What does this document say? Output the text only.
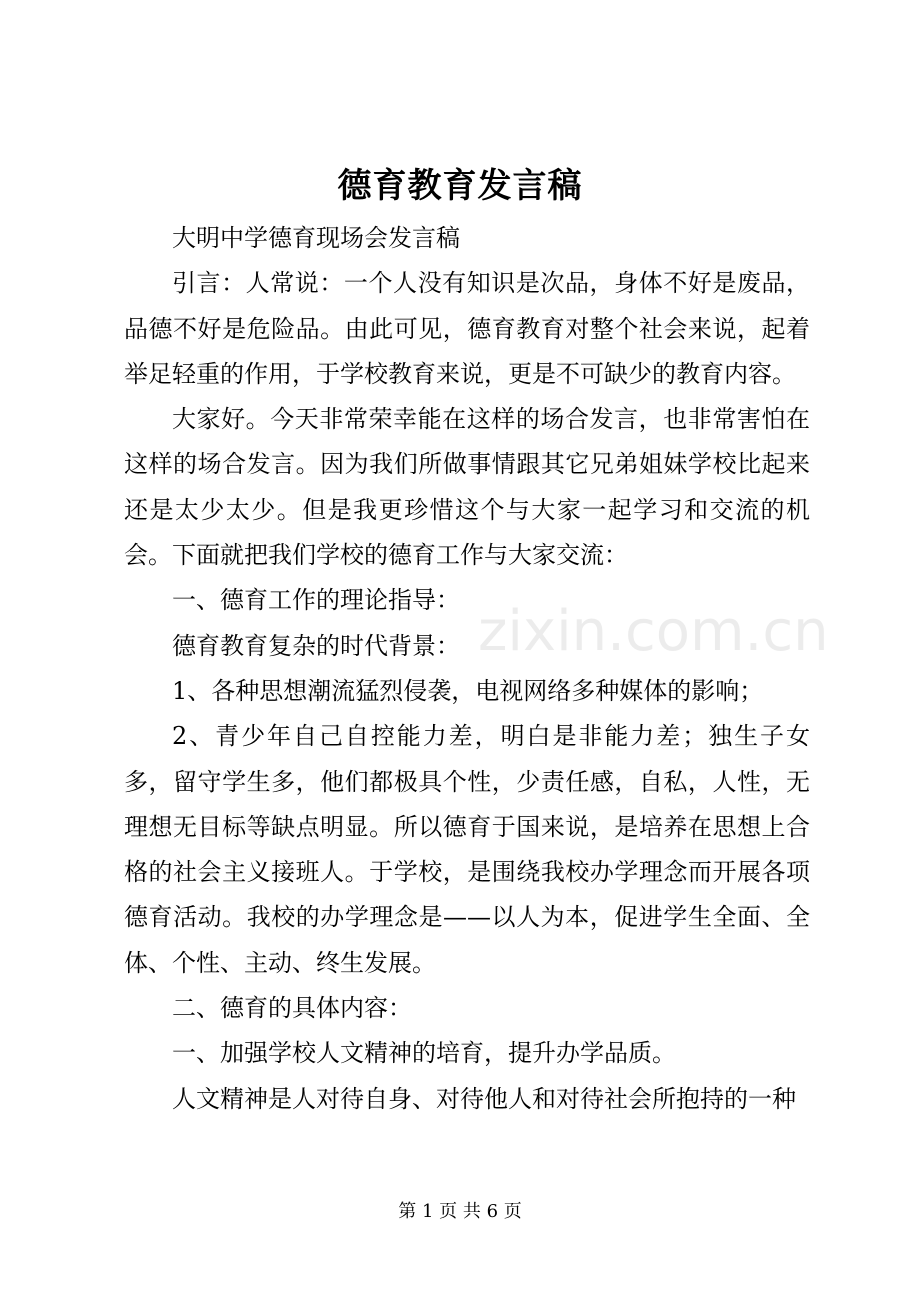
德育教育发言稿

大明中学德育现场会发言稿

引言：人常说：一个人没有知识是次品，身体不好是废品，品德不好是危险品。由此可见，德育教育对整个社会来说，起着举足轻重的作用，于学校教育来说，更是不可缺少的教育内容。

大家好。今天非常荣幸能在这样的场合发言，也非常害怕在这样的场合发言。因为我们所做事情跟其它兄弟姐妹学校比起来还是太少太少。但是我更珍惜这个与大家一起学习和交流的机会。下面就把我们学校的德育工作与大家交流：

一、德育工作的理论指导：

德育教育复杂的时代背景：

1、各种思想潮流猛烈侵袭，电视网络多种媒体的影响；

2、青少年自己自控能力差，明白是非能力差；独生子女多，留守学生多，他们都极具个性，少责任感，自私，人性，无理想无目标等缺点明显。所以德育于国来说，是培养在思想上合格的社会主义接班人。于学校，是围绕我校办学理念而开展各项德育活动。我校的办学理念是——以人为本，促进学生全面、全体、个性、主动、终生发展。

二、德育的具体内容：

一、加强学校人文精神的培育，提升办学品质。

人文精神是人对待自身、对待他人和对待社会所抱持的一种

zixin.com.cn
第 1 页 共 6 页
